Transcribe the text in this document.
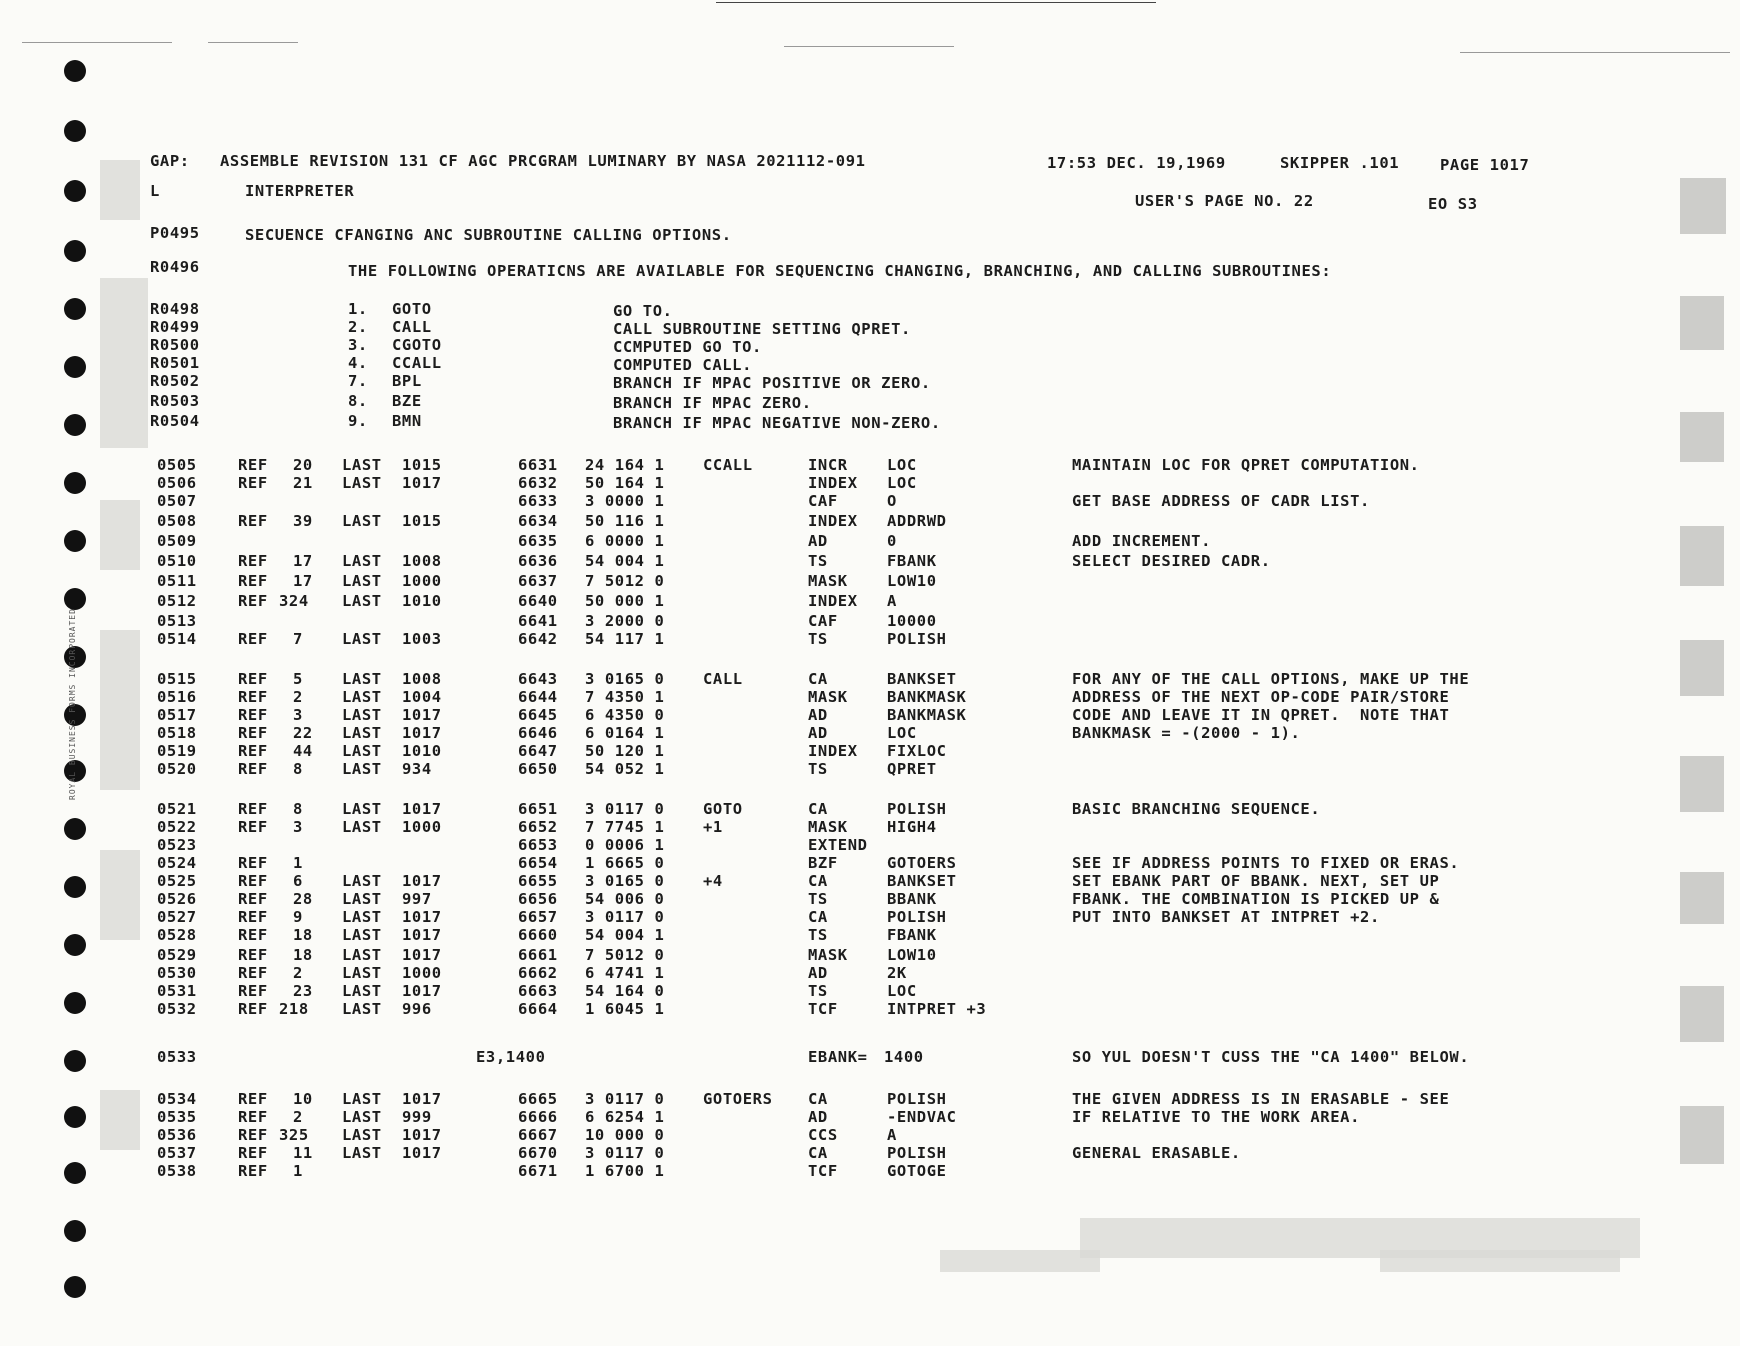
ROYAL BUSINESS FORMS INCORPORATED
GAP: ASSEMBLE REVISION 131 CF AGC PRCGRAM LUMINARY BY NASA 2021112-091	17:53 DEC. 19,1969	SKIPPER .101	PAGE 1017
L	INTERPRETER
USER'S PAGE NO. 22	EO S3
P0495	SECUENCE CFANGING ANC SUBROUTINE CALLING OPTIONS.
R0496	THE FOLLOWING OPERATICNS ARE AVAILABLE FOR SEQUENCING CHANGING, BRANCHING, AND CALLING SUBROUTINES:
R0498	1. GOTO	GO TO.
R0499	2. CALL	CALL SUBROUTINE SETTING QPRET.
R0500	3. CGOTO	CCMPUTED GO TO.
R0501	4. CCALL	COMPUTED CALL.
R0502	7. BPL	BRANCH IF MPAC POSITIVE OR ZERO.
R0503	8. BZE	BRANCH IF MPAC ZERO.
R0504	9. BMN	BRANCH IF MPAC NEGATIVE NON-ZERO.
0505	REF 20 LAST 1015	6631 24 164 1 CCALL	INCR	LOC	MAINTAIN LOC FOR QPRET COMPUTATION.
0506	REF 21 LAST 1017	6632 50 164 1	INDEX LOC
0507	6633 3 0000 1	CAF	O	GET BASE ADDRESS OF CADR LIST.
0508	REF 39 LAST 1015	6634 50 116 1	INDEX ADDRWD
0509	6635 6 0000 1	AD	0	ADD INCREMENT.
0510	REF 17 LAST 1008	6636 54 004 1	TS	FBANK	SELECT DESIRED CADR.
0511	REF 17 LAST 1000	6637 7 5012 0	MASK	LOW10
0512	REF 324 LAST 1010	6640 50 000 1	INDEX A
0513	6641 3 2000 0	CAF	10000
0514	REF 7	LAST 1003	6642 54 117 1	TS	POLISH
0515	REF 5	LAST 1008	6643 3 0165 0 CALL	CA	BANKSET	FOR ANY OF THE CALL OPTIONS, MAKE UP THE
0516	REF 2	LAST 1004	6644 7 4350 1	MASK	BANKMASK	ADDRESS OF THE NEXT OP-CODE PAIR/STORE
0517	REF 3	LAST 1017	6645 6 4350 0	AD	BANKMASK	CODE AND LEAVE IT IN QPRET.  NOTE THAT
0518	REF 22 LAST 1017	6646 6 0164 1	AD	LOC	BANKMASK = -(2000 - 1).
0519	REF 44 LAST 1010	6647 50 120 1	INDEX FIXLOC
0520	REF 8	LAST 934	6650 54 052 1	TS	QPRET
0521	REF 8	LAST 1017	6651 3 0117 0 GOTO	CA	POLISH	BASIC BRANCHING SEQUENCE.
0522	REF 3	LAST 1000	6652 7 7745 1 +1	MASK	HIGH4
0523	6653 0 0006 1	EXTEND
0524	REF 1	6654 1 6665 0	BZF	GOTOERS	SEE IF ADDRESS POINTS TO FIXED OR ERAS.
0525	REF 6	LAST 1017	6655 3 0165 0 +4	CA	BANKSET	SET EBANK PART OF BBANK. NEXT, SET UP
0526	REF 28 LAST 997	6656 54 006 0	TS	BBANK	FBANK. THE COMBINATION IS PICKED UP &
0527	REF 9	LAST 1017	6657 3 0117 0	CA	POLISH	PUT INTO BANKSET AT INTPRET +2.
0528	REF 18 LAST 1017	6660 54 004 1	TS	FBANK
0529	REF 18 LAST 1017	6661 7 5012 0	MASK	LOW10
0530	REF 2	LAST 1000	6662 6 4741 1	AD	2K
0531	REF 23 LAST 1017	6663 54 164 0	TS	LOC
0532	REF 218 LAST 996	6664 1 6045 1	TCF	INTPRET +3
0533	E3,1400	EBANK= 1400	SO YUL DOESN'T CUSS THE "CA 1400" BELOW.
0534	REF 10 LAST 1017	6665 3 0117 0 GOTOERS CA	POLISH	THE GIVEN ADDRESS IS IN ERASABLE - SEE
0535	REF 2	LAST 999	6666 6 6254 1	AD	-ENDVAC	IF RELATIVE TO THE WORK AREA.
0536	REF 325 LAST 1017	6667 10 000 0	CCS	A
0537	REF 11 LAST 1017	6670 3 0117 0	CA	POLISH	GENERAL ERASABLE.
0538	REF 1	6671 1 6700 1	TCF	GOTOGE
